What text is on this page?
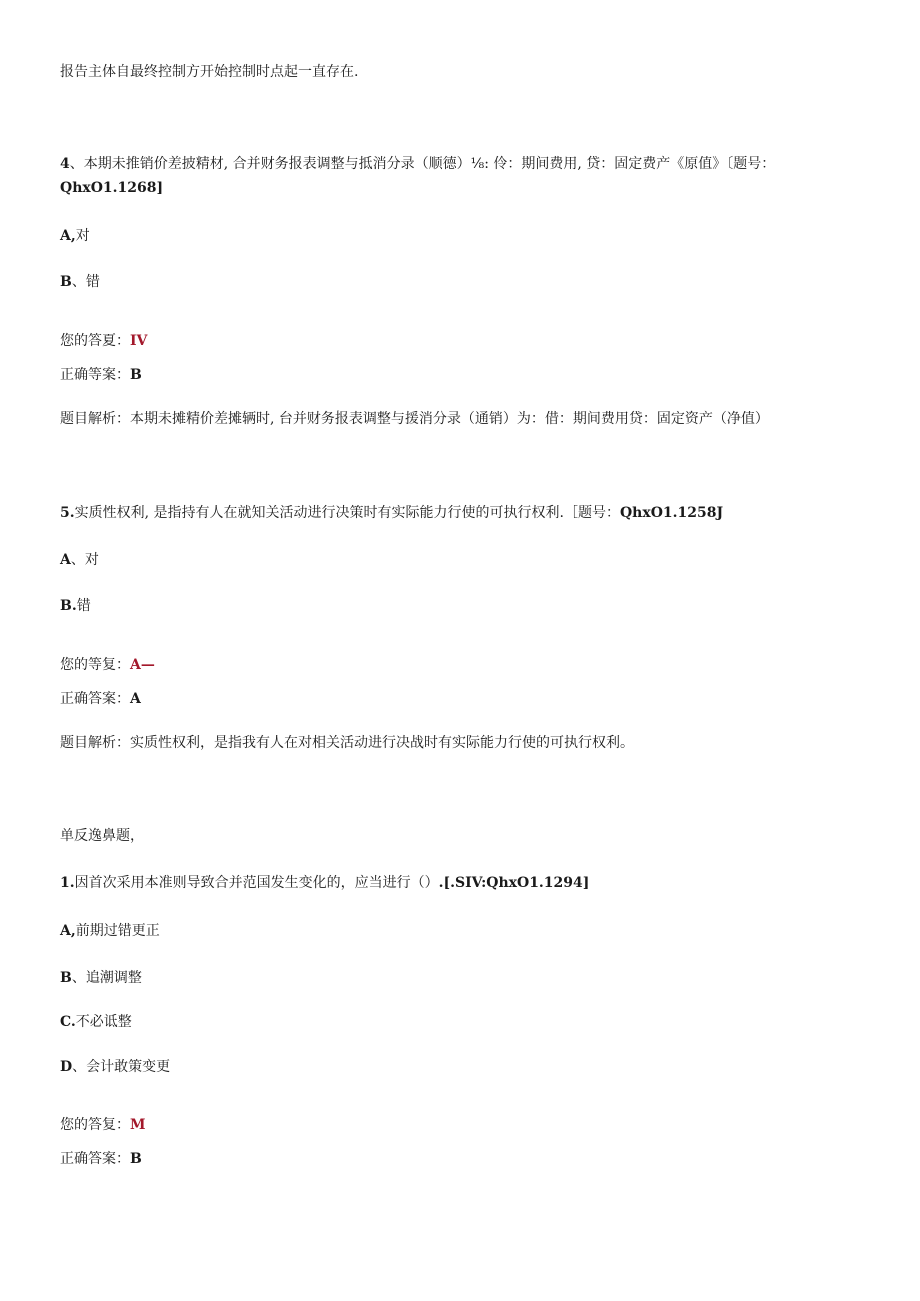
报告主体自最终控制方开始控制时点起一直存在.
4、本期未推销价差披精材, 合并财务报表调整与抵消分录（顺德）⅛: 伶：期间费用, 贷：固定费产《原值》〔题号：
QhxO1.1268]
A,对
B、错
您的答夏：IV
正确等案：B
题目解析：本期未摊精价差摊辆时, 台并财务报表调整与援消分录（通销）为：借：期间费用贷：固定资产（净值）
5.实质性权利, 是指持有人在就知关活动进行决策时有实际能力行使的可执行权利.［题号：QhxO1.1258J
A、对
B.错
您的等复：A—
正确答案：A
题目解析：实质性权利，是指我有人在对相关活动进行决战时有实际能力行使的可执行权利。
单反逸鼻题，
1.因首次采用本准则导致合并范国发生变化的，应当进行（）.[.SIV:QhxO1.1294]
A,前期过错更正
B、追潮调整
C.不必诋整
D、会计敢策变更
您的答复：M
正确答案：B
